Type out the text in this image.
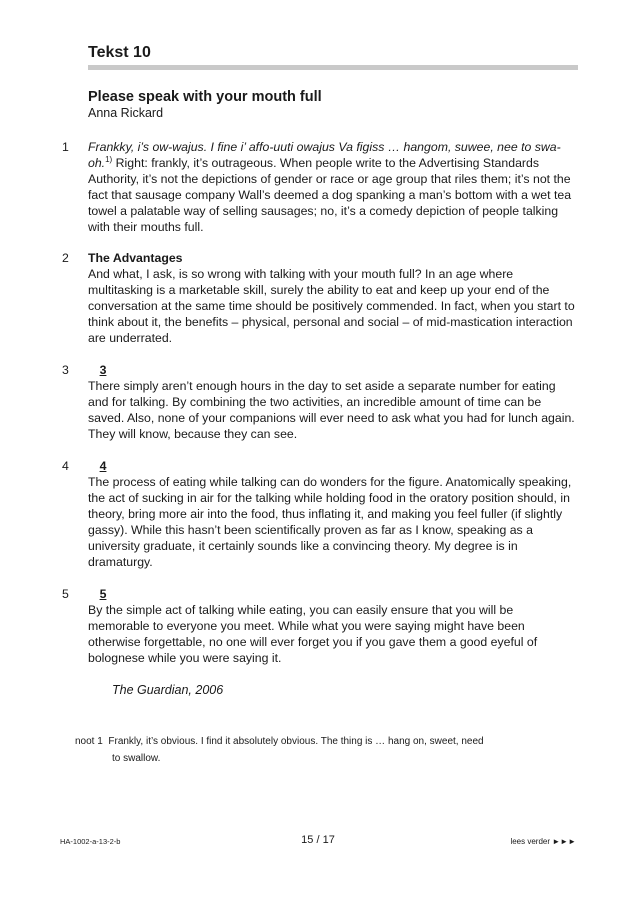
Tekst 10
Please speak with your mouth full
Anna Rickard
1	Frankky, i’s ow-wajus. I fine i’ affo-uuti owajus Va figiss … hangom, suwee, nee to swa-oh.$^{1)}$ Right: frankly, it’s outrageous. When people write to the Advertising Standards Authority, it’s not the depictions of gender or race or age group that riles them; it’s not the fact that sausage company Wall’s deemed a dog spanking a man’s bottom with a wet tea towel a palatable way of selling sausages; no, it’s a comedy depiction of people talking with their mouths full.
2	The Advantages
And what, I ask, is so wrong with talking with your mouth full? In an age where multitasking is a marketable skill, surely the ability to eat and keep up your end of the conversation at the same time should be positively commended. In fact, when you start to think about it, the benefits – physical, personal and social – of mid-mastication interaction are underrated.
3	3
There simply aren’t enough hours in the day to set aside a separate number for eating and for talking. By combining the two activities, an incredible amount of time can be saved. Also, none of your companions will ever need to ask what you had for lunch again. They will know, because they can see.
4	4
The process of eating while talking can do wonders for the figure. Anatomically speaking, the act of sucking in air for the talking while holding food in the oratory position should, in theory, bring more air into the food, thus inflating it, and making you feel fuller (if slightly gassy). While this hasn’t been scientifically proven as far as I know, speaking as a university graduate, it certainly sounds like a convincing theory. My degree is in dramaturgy.
5	5
By the simple act of talking while eating, you can easily ensure that you will be memorable to everyone you meet. While what you were saying might have been otherwise forgettable, no one will ever forget you if you gave them a good eyeful of bolognese while you were saying it.
The Guardian, 2006
noot 1 Frankly, it’s obvious. I find it absolutely obvious. The thing is … hang on, sweet, need
to swallow.
HA-1002-a-13-2-b	15 / 17	lees verder ►►►
